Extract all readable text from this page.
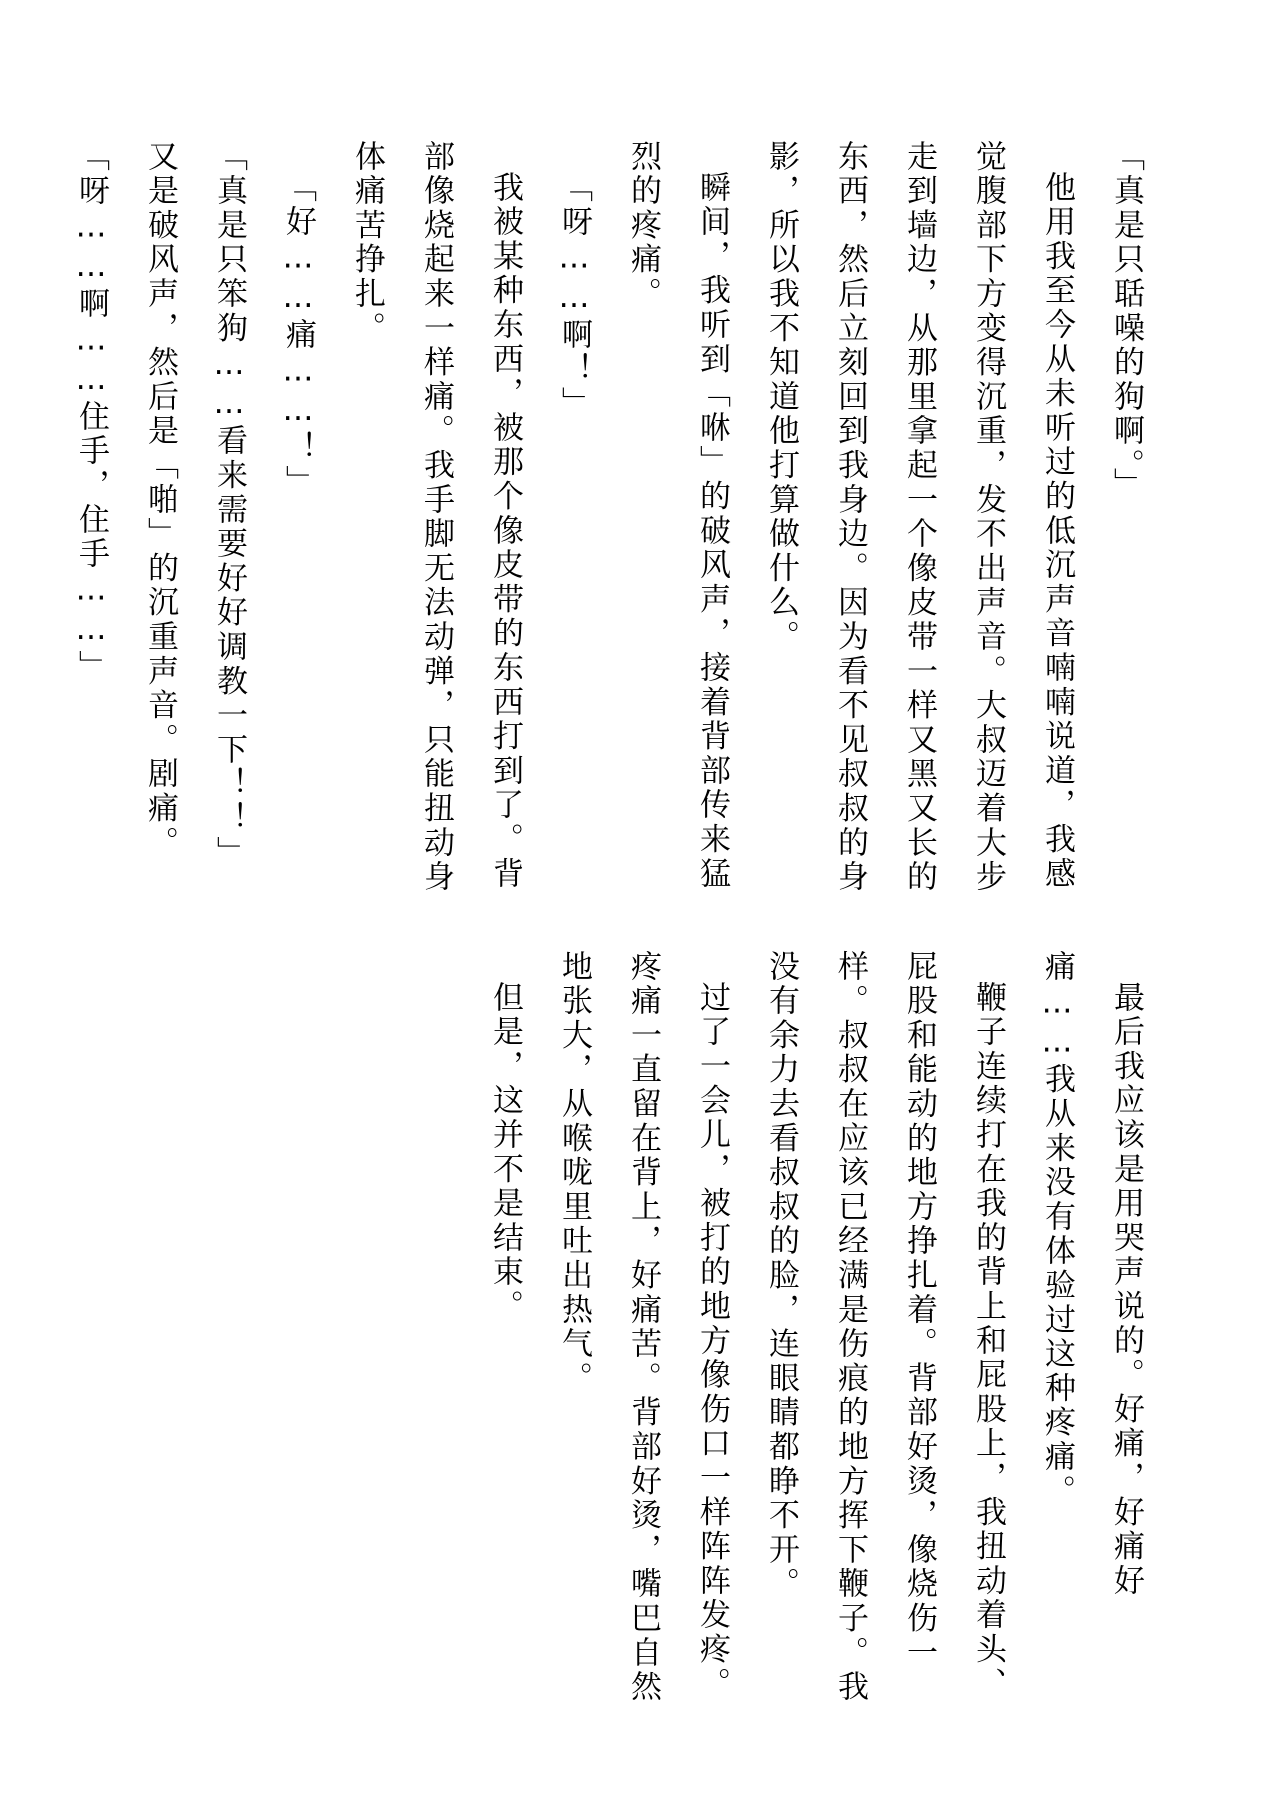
「真是只聒噪的狗啊。」
他用我至今从未听过的低沉声音喃喃说道，我感觉腹部下方变得沉重，发不出声音。大叔迈着大步走到墙边，从那里拿起一个像皮带一样又黑又长的东西，然后立刻回到我身边。因为看不见叔叔的身影，所以我不知道他打算做什么。
瞬间，我听到「咻」的破风声，接着背部传来猛烈的疼痛。
「呀……啊！」
我被某种东西，被那个像皮带的东西打到了。背部像烧起来一样痛。我手脚无法动弹，只能扭动身体痛苦挣扎。
「好……痛……！」
「真是只笨狗……看来需要好好调教一下！！」
又是破风声，然后是「啪」的沉重声音。剧痛。
「呀……啊……住手，住手……」
最后我应该是用哭声说的。好痛，好痛好痛……我从来没有体验过这种疼痛。
鞭子连续打在我的背上和屁股上，我扭动着头、屁股和能动的地方挣扎着。背部好烫，像烧伤一样。叔叔在应该已经满是伤痕的地方挥下鞭子。我没有余力去看叔叔的脸，连眼睛都睁不开。
过了一会儿，被打的地方像伤口一样阵阵发疼。疼痛一直留在背上，好痛苦。背部好烫，嘴巴自然地张大，从喉咙里吐出热气。
但是，这并不是结束。
